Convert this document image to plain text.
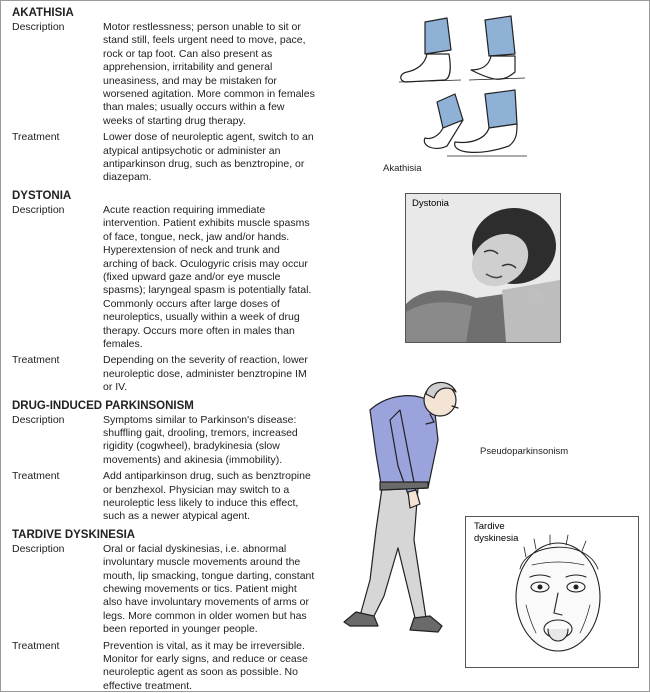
AKATHISIA
Description	Motor restlessness; person unable to sit or stand still, feels urgent need to move, pace, rock or tap foot. Can also present as apprehension, irritability and general uneasiness, and may be mistaken for worsened agitation. More common in females than males; usually occurs within a few weeks of starting drug therapy.
Treatment	Lower dose of neuroleptic agent, switch to an atypical antipsychotic or administer an antiparkinson drug, such as benztropine, or diazepam.
DYSTONIA
Description	Acute reaction requiring immediate intervention. Patient exhibits muscle spasms of face, tongue, neck, jaw and/or hands. Hyperextension of neck and trunk and arching of back. Oculogyric crisis may occur (fixed upward gaze and/or eye muscle spasms); laryngeal spasm is potentially fatal. Commonly occurs after large doses of neuroleptics, usually within a week of drug therapy. Occurs more often in males than females.
Treatment	Depending on the severity of reaction, lower neuroleptic dose, administer benztropine IM or IV.
DRUG-INDUCED PARKINSONISM
Description	Symptoms similar to Parkinson's disease: shuffling gait, drooling, tremors, increased rigidity (cogwheel), bradykinesia (slow movements) and akinesia (immobility).
Treatment	Add antiparkinson drug, such as benztropine or benzhexol. Physician may switch to a neuroleptic less likely to induce this effect, such as a newer atypical agent.
TARDIVE DYSKINESIA
Description	Oral or facial dyskinesias, i.e. abnormal involuntary muscle movements around the mouth, lip smacking, tongue darting, constant chewing movements or tics. Patient might also have involuntary movements of arms or legs. More common in older women but has been reported in younger people.
Treatment	Prevention is vital, as it may be irreversible. Monitor for early signs, and reduce or cease neuroleptic agent as soon as possible. No effective treatment.
Akathisia
Dystonia
Pseudoparkinsonism
Tardive dyskinesia
